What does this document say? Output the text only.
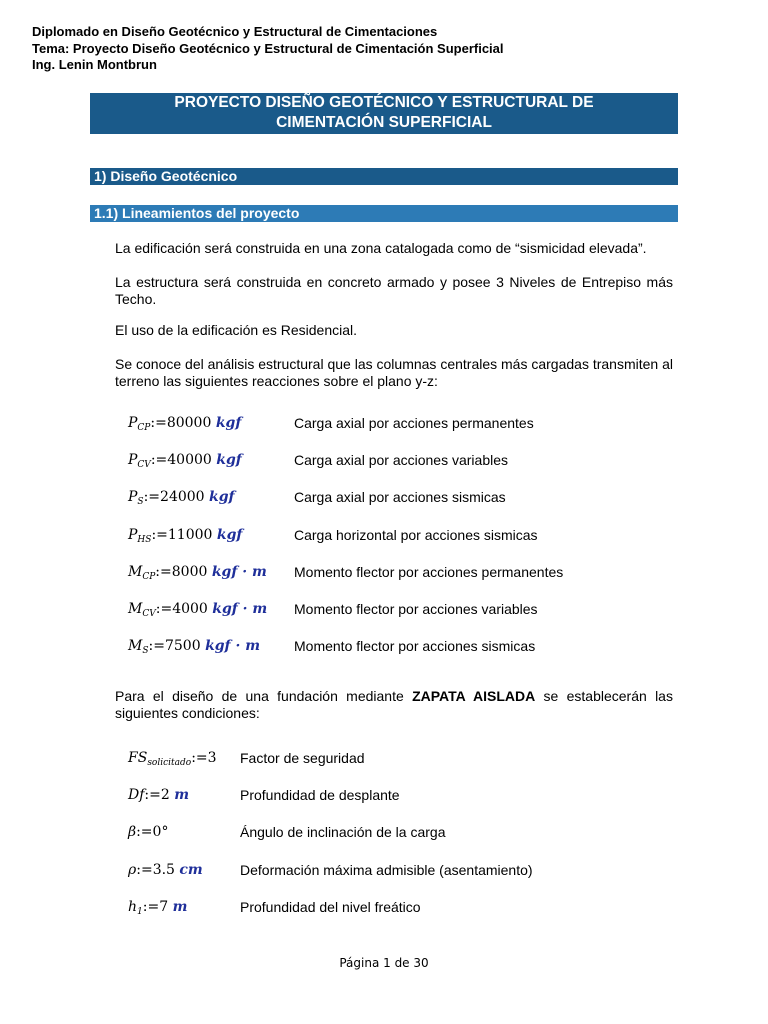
Diplomado en Diseño Geotécnico y Estructural de Cimentaciones
Tema: Proyecto Diseño Geotécnico y Estructural de Cimentación Superficial
Ing. Lenin Montbrun
PROYECTO DISEÑO GEOTÉCNICO Y ESTRUCTURAL DE
CIMENTACIÓN SUPERFICIAL
1) Diseño Geotécnico
1.1) Lineamientos del proyecto
La edificación será construida en una zona catalogada como de “sismicidad elevada”.
La estructura será construida en concreto armado y posee 3 Niveles de Entrepiso más Techo.
El uso de la edificación es Residencial.
Se conoce del análisis estructural que las columnas centrales más cargadas transmiten al terreno las siguientes reacciones sobre el plano y-z:
$P_{CP}:=80000$ kgf	Carga axial por acciones permanentes
$P_{CV}:=40000$ kgf	Carga axial por acciones variables
$P_S:=24000$ kgf	Carga axial por acciones sismicas
$P_{HS}:=11000$ kgf	Carga horizontal por acciones sismicas
$M_{CP}:=8000$ kgf · m Momento flector por acciones permanentes
$M_{CV}:=4000$ kgf · m Momento flector por acciones variables
$M_S:=7500$ kgf · m Momento flector por acciones sismicas
Para el diseño de una fundación mediante ZAPATA AISLADA se establecerán las siguientes condiciones:
$FS_{solicitado}:=3$ Factor de seguridad
Df:=2 m	Profundidad de desplante
β:=0°	Ángulo de inclinación de la carga
ρ:=3.5 cm	Deformación máxima admisible (asentamiento)
$h_1:=7$ m	Profundidad del nivel freático
Página 1 de 30
